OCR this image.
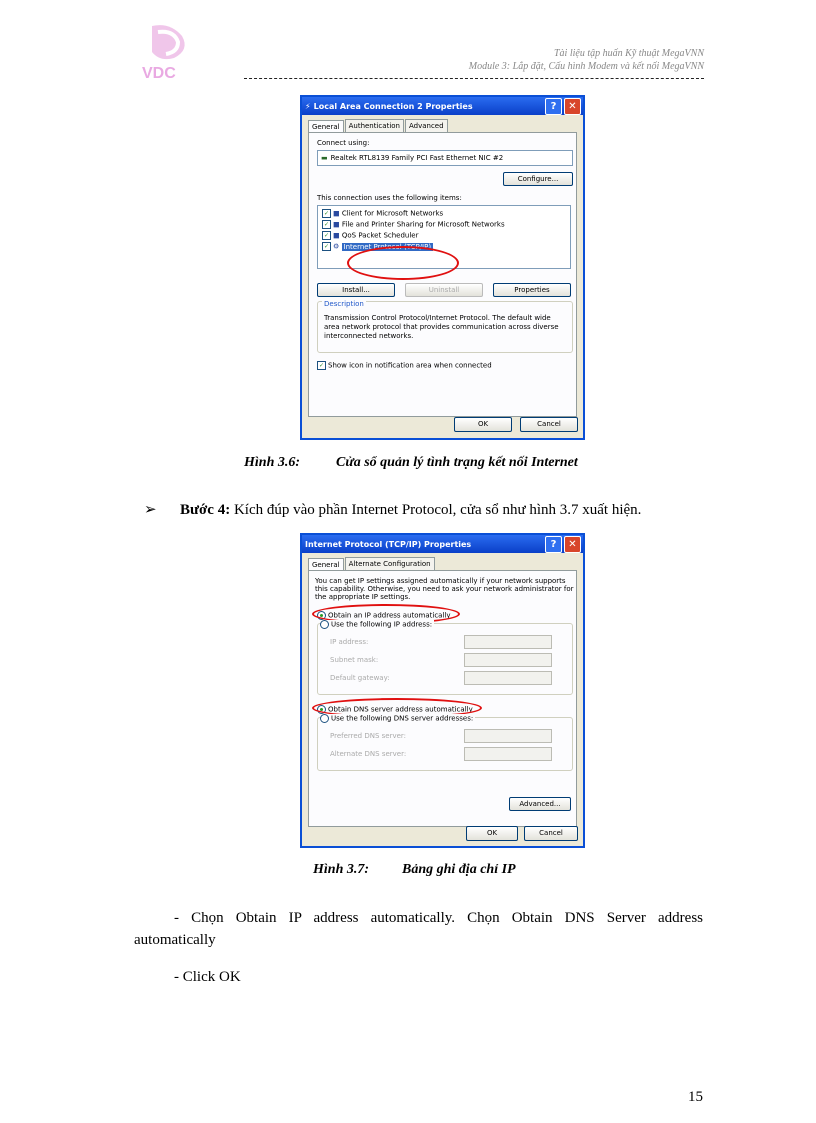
VDC
Tài liệu tập huấn Kỹ thuật MegaVNN
Module 3: Lắp đặt, Cấu hình Modem và kết nối MegaVNN
⚡ Local Area Connection 2 Properties	?	✕
General	Authentication	Advanced
Connect using:
▬ Realtek RTL8139 Family PCI Fast Ethernet NIC #2
Configure...
This connection uses the following items:
✓ ■ Client for Microsoft Networks
✓ ■ File and Printer Sharing for Microsoft Networks
✓ ■ QoS Packet Scheduler
✓ ⚙ Internet Protocol (TCP/IP)
Install...	Uninstall	Properties
Description
Transmission Control Protocol/Internet Protocol. The default wide area network protocol that provides communication across diverse interconnected networks.
✓ Show icon in notification area when connected
OK	Cancel
Hình 3.6:	Cửa sổ quản lý tình trạng kết nối Internet
➢ Bước 4: Kích đúp vào phần Internet Protocol, cửa sổ như hình 3.7 xuất hiện.
Internet Protocol (TCP/IP) Properties	?	✕
General	Alternate Configuration
You can get IP settings assigned automatically if your network supports this capability. Otherwise, you need to ask your network administrator for the appropriate IP settings.
Obtain an IP address automatically
Use the following IP address:
IP address:
Subnet mask:
Default gateway:
Obtain DNS server address automatically
Use the following DNS server addresses:
Preferred DNS server:
Alternate DNS server:
Advanced...
OK	Cancel
Hình 3.7: Bảng ghi địa chỉ IP
- Chọn Obtain IP address automatically. Chọn Obtain DNS Server address automatically
- Click OK
15
